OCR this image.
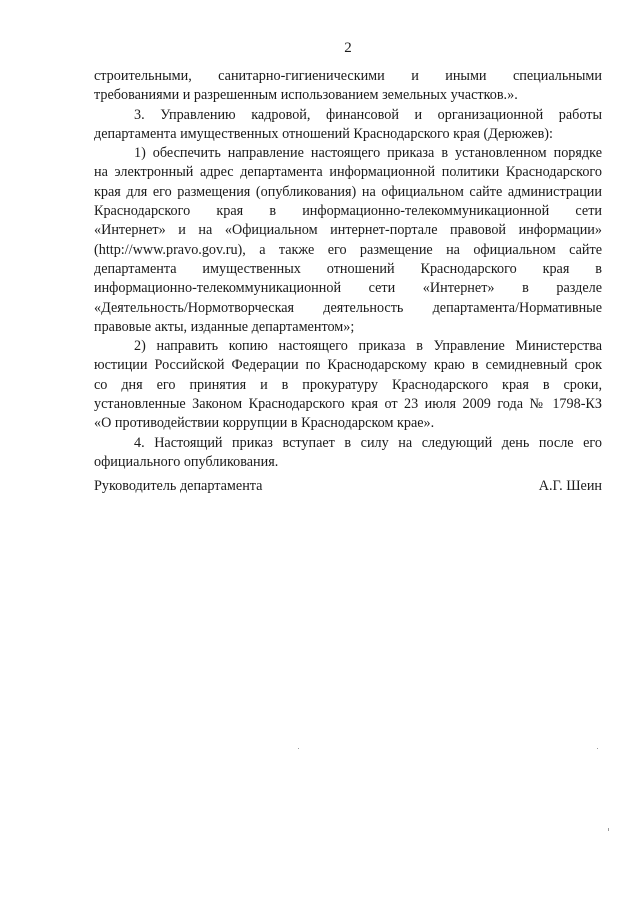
2

строительными, санитарно-гигиеническими и иными специальными
требованиями и разрешенным использованием земельных участков.».

3. Управлению кадровой, финансовой и организационной работы
департамента имущественных отношений Краснодарского края (Дерюжев):

1) обеспечить направление настоящего приказа в установленном порядке
на электронный адрес департамента информационной политики Краснодарского
края для его размещения (опубликования) на официальном сайте администрации
Краснодарского края в информационно-телекоммуникационной сети
«Интернет» и на «Официальном интернет-портале правовой информации»
(http://www.pravo.gov.ru), а также его размещение на официальном сайте
департамента имущественных отношений Краснодарского края в
информационно-телекоммуникационной сети «Интернет» в разделе
«Деятельность/Нормотворческая деятельность департамента/Нормативные
правовые акты, изданные департаментом»;

2) направить копию настоящего приказа в Управление Министерства
юстиции Российской Федерации по Краснодарскому краю в семидневный срок
со дня его принятия и в прокуратуру Краснодарского края в сроки,
установленные Законом Краснодарского края от 23 июля 2009 года № 1798-КЗ
«О противодействии коррупции в Краснодарском крае».

4. Настоящий приказ вступает в силу на следующий день после его
официального опубликования.

Руководитель департамента	А.Г. Шеин
